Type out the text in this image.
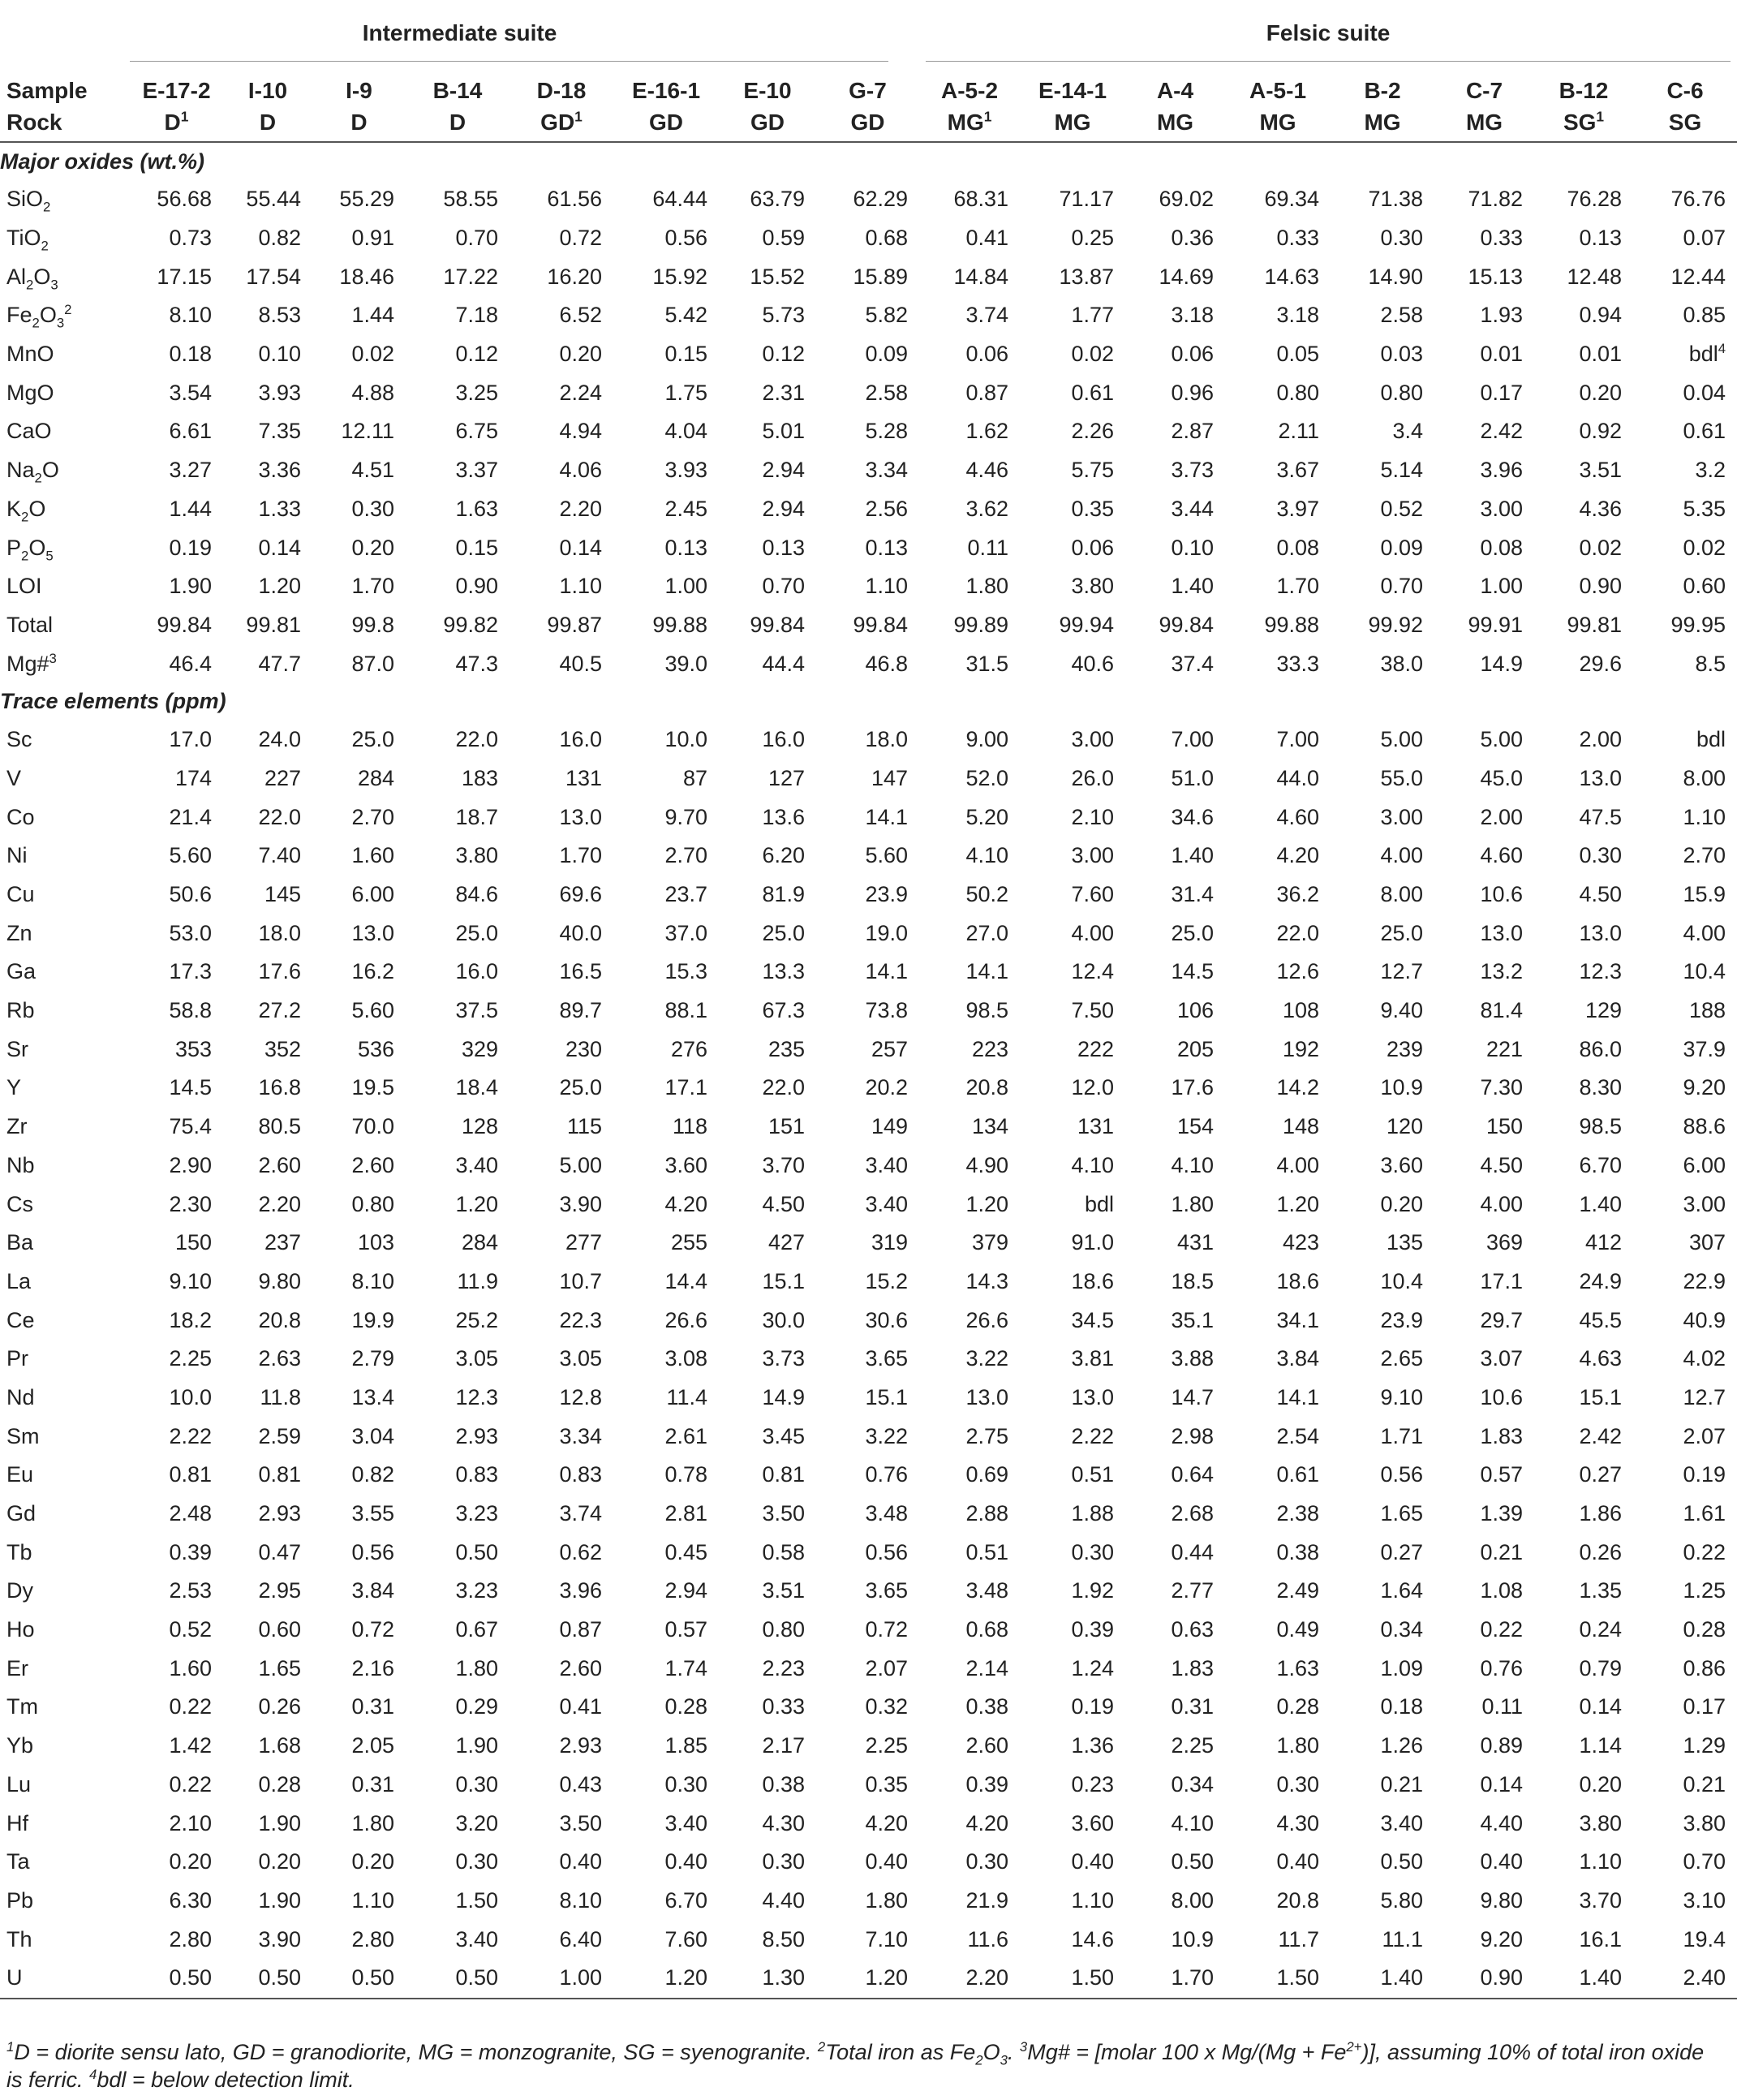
Intermediate suite									Felsic suite							
Sample	E-17-2	I-10	I-9	B-14	D-18	E-16-1	E-10	G-7	A-5-2	E-14-1	A-4	A-5-1	B-2	C-7	B-12	C-6
Rock	$D^1$	D	D	D	$GD^1$	GD	GD	GD	$MG^1$	MG	MG	MG	MG	MG	$SG^1$	SG
Major oxides (wt.%)																
SiO$_2$	56.68	55.44	55.29	58.55	61.56	64.44	63.79	62.29	68.31	71.17	69.02	69.34	71.38	71.82	76.28	76.76
TiO$_2$	0.73	0.82	0.91	0.70	0.72	0.56	0.59	0.68	0.41	0.25	0.36	0.33	0.30	0.33	0.13	0.07
$Al_2O_3$	17.15	17.54	18.46	17.22	16.20	15.92	15.52	15.89	14.84	13.87	14.69	14.63	14.90	15.13	12.48	12.44
$Fe_2O_3^2$	8.10	8.53	1.44	7.18	6.52	5.42	5.73	5.82	3.74	1.77	3.18	3.18	2.58	1.93	0.94	0.85
MnO	0.18	0.10	0.02	0.12	0.20	0.15	0.12	0.09	0.06	0.02	0.06	0.05	0.03	0.01	0.01	bdl$^4$
MgO	3.54	3.93	4.88	3.25	2.24	1.75	2.31	2.58	0.87	0.61	0.96	0.80	0.80	0.17	0.20	0.04
CaO	6.61	7.35	12.11	6.75	4.94	4.04	5.01	5.28	1.62	2.26	2.87	2.11	3.4	2.42	0.92	0.61
$Na_2O$	3.27	3.36	4.51	3.37	4.06	3.93	2.94	3.34	4.46	5.75	3.73	3.67	5.14	3.96	3.51	3.2
$K_2O$	1.44	1.33	0.30	1.63	2.20	2.45	2.94	2.56	3.62	0.35	3.44	3.97	0.52	3.00	4.36	5.35
$P_2O_5$	0.19	0.14	0.20	0.15	0.14	0.13	0.13	0.13	0.11	0.06	0.10	0.08	0.09	0.08	0.02	0.02
LOI	1.90	1.20	1.70	0.90	1.10	1.00	0.70	1.10	1.80	3.80	1.40	1.70	0.70	1.00	0.90	0.60
Total	99.84	99.81	99.8	99.82	99.87	99.88	99.84	99.84	99.89	99.94	99.84	99.88	99.92	99.91	99.81	99.95
Mg#$^3$	46.4	47.7	87.0	47.3	40.5	39.0	44.4	46.8	31.5	40.6	37.4	33.3	38.0	14.9	29.6	8.5
Trace elements (ppm)																
Sc	17.0	24.0	25.0	22.0	16.0	10.0	16.0	18.0	9.00	3.00	7.00	7.00	5.00	5.00	2.00	bdl
V	174	227	284	183	131	87	127	147	52.0	26.0	51.0	44.0	55.0	45.0	13.0	8.00
Co	21.4	22.0	2.70	18.7	13.0	9.70	13.6	14.1	5.20	2.10	34.6	4.60	3.00	2.00	47.5	1.10
Ni	5.60	7.40	1.60	3.80	1.70	2.70	6.20	5.60	4.10	3.00	1.40	4.20	4.00	4.60	0.30	2.70
Cu	50.6	145	6.00	84.6	69.6	23.7	81.9	23.9	50.2	7.60	31.4	36.2	8.00	10.6	4.50	15.9
Zn	53.0	18.0	13.0	25.0	40.0	37.0	25.0	19.0	27.0	4.00	25.0	22.0	25.0	13.0	13.0	4.00
Ga	17.3	17.6	16.2	16.0	16.5	15.3	13.3	14.1	14.1	12.4	14.5	12.6	12.7	13.2	12.3	10.4
Rb	58.8	27.2	5.60	37.5	89.7	88.1	67.3	73.8	98.5	7.50	106	108	9.40	81.4	129	188
Sr	353	352	536	329	230	276	235	257	223	222	205	192	239	221	86.0	37.9
Y	14.5	16.8	19.5	18.4	25.0	17.1	22.0	20.2	20.8	12.0	17.6	14.2	10.9	7.30	8.30	9.20
Zr	75.4	80.5	70.0	128	115	118	151	149	134	131	154	148	120	150	98.5	88.6
Nb	2.90	2.60	2.60	3.40	5.00	3.60	3.70	3.40	4.90	4.10	4.10	4.00	3.60	4.50	6.70	6.00
Cs	2.30	2.20	0.80	1.20	3.90	4.20	4.50	3.40	1.20	bdl	1.80	1.20	0.20	4.00	1.40	3.00
Ba	150	237	103	284	277	255	427	319	379	91.0	431	423	135	369	412	307
La	9.10	9.80	8.10	11.9	10.7	14.4	15.1	15.2	14.3	18.6	18.5	18.6	10.4	17.1	24.9	22.9
Ce	18.2	20.8	19.9	25.2	22.3	26.6	30.0	30.6	26.6	34.5	35.1	34.1	23.9	29.7	45.5	40.9
Pr	2.25	2.63	2.79	3.05	3.05	3.08	3.73	3.65	3.22	3.81	3.88	3.84	2.65	3.07	4.63	4.02
Nd	10.0	11.8	13.4	12.3	12.8	11.4	14.9	15.1	13.0	13.0	14.7	14.1	9.10	10.6	15.1	12.7
Sm	2.22	2.59	3.04	2.93	3.34	2.61	3.45	3.22	2.75	2.22	2.98	2.54	1.71	1.83	2.42	2.07
Eu	0.81	0.81	0.82	0.83	0.83	0.78	0.81	0.76	0.69	0.51	0.64	0.61	0.56	0.57	0.27	0.19
Gd	2.48	2.93	3.55	3.23	3.74	2.81	3.50	3.48	2.88	1.88	2.68	2.38	1.65	1.39	1.86	1.61
Tb	0.39	0.47	0.56	0.50	0.62	0.45	0.58	0.56	0.51	0.30	0.44	0.38	0.27	0.21	0.26	0.22
Dy	2.53	2.95	3.84	3.23	3.96	2.94	3.51	3.65	3.48	1.92	2.77	2.49	1.64	1.08	1.35	1.25
Ho	0.52	0.60	0.72	0.67	0.87	0.57	0.80	0.72	0.68	0.39	0.63	0.49	0.34	0.22	0.24	0.28
Er	1.60	1.65	2.16	1.80	2.60	1.74	2.23	2.07	2.14	1.24	1.83	1.63	1.09	0.76	0.79	0.86
Tm	0.22	0.26	0.31	0.29	0.41	0.28	0.33	0.32	0.38	0.19	0.31	0.28	0.18	0.11	0.14	0.17
Yb	1.42	1.68	2.05	1.90	2.93	1.85	2.17	2.25	2.60	1.36	2.25	1.80	1.26	0.89	1.14	1.29
Lu	0.22	0.28	0.31	0.30	0.43	0.30	0.38	0.35	0.39	0.23	0.34	0.30	0.21	0.14	0.20	0.21
Hf	2.10	1.90	1.80	3.20	3.50	3.40	4.30	4.20	4.20	3.60	4.10	4.30	3.40	4.40	3.80	3.80
Ta	0.20	0.20	0.20	0.30	0.40	0.40	0.30	0.40	0.30	0.40	0.50	0.40	0.50	0.40	1.10	0.70
Pb	6.30	1.90	1.10	1.50	8.10	6.70	4.40	1.80	21.9	1.10	8.00	20.8	5.80	9.80	3.70	3.10
Th	2.80	3.90	2.80	3.40	6.40	7.60	8.50	7.10	11.6	14.6	10.9	11.7	11.1	9.20	16.1	19.4
U	0.50	0.50	0.50	0.50	1.00	1.20	1.30	1.20	2.20	1.50	1.70	1.50	1.40	0.90	1.40	2.40
$^1$D = diorite sensu lato, GD = granodiorite, MG = monzogranite, SG = syenogranite. $^2$Total iron as $Fe_2O_3$. $^3$Mg# = [molar 100 x $Mg/(Mg + Fe^{2+})$], assuming 10% of total iron oxide is ferric. $^4$bdl = below detection limit.
